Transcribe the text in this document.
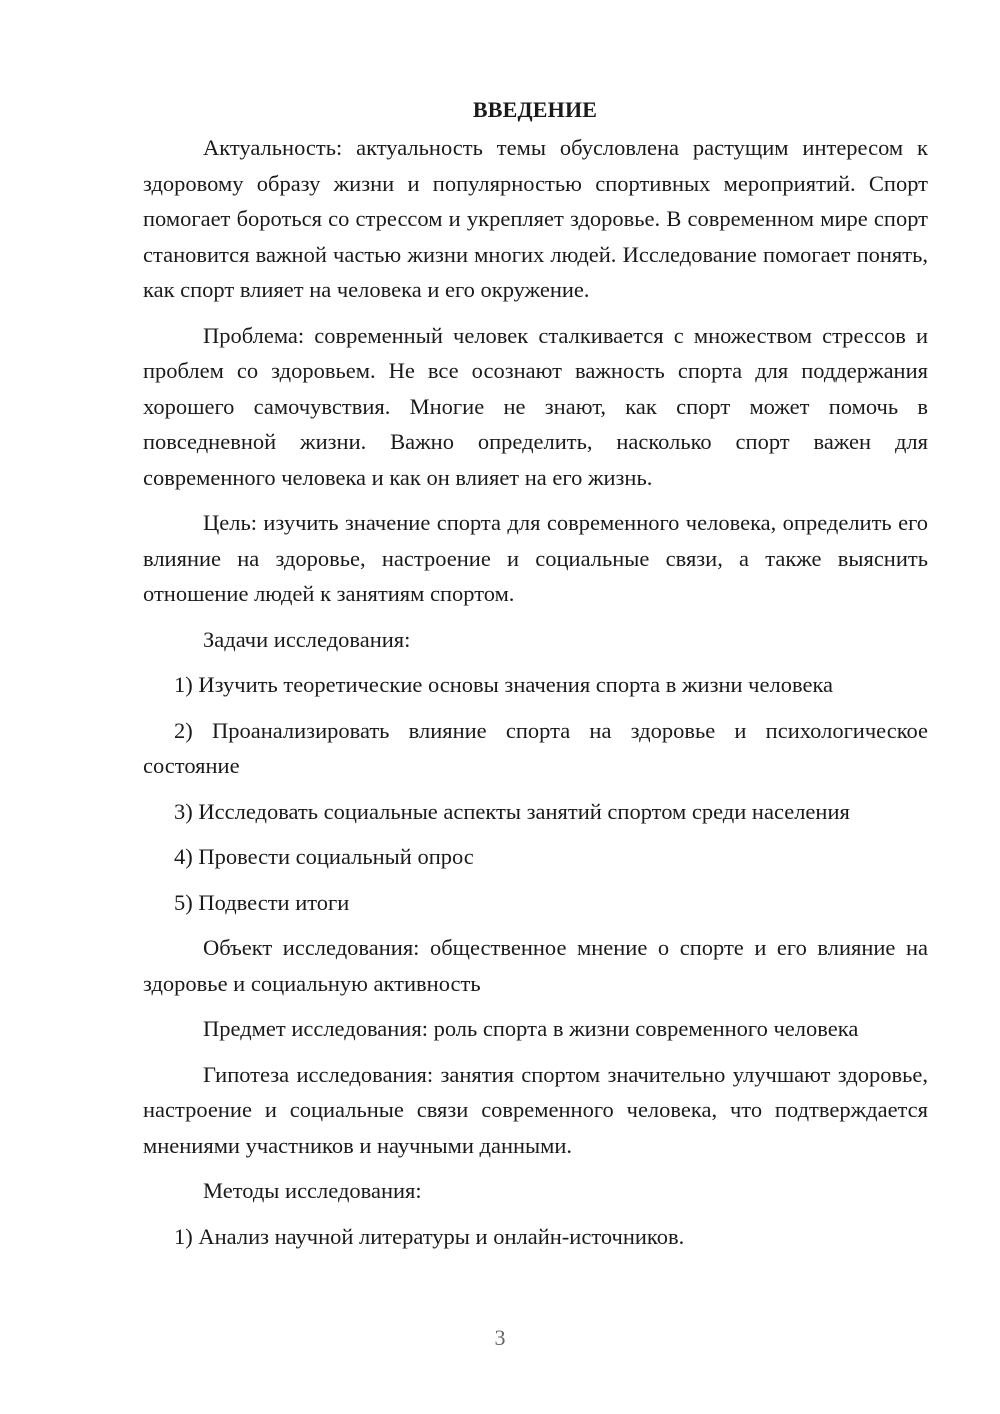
ВВЕДЕНИЕ

Актуальность: актуальность темы обусловлена растущим интересом к здоровому образу жизни и популярностью спортивных мероприятий. Спорт помогает бороться со стрессом и укрепляет здоровье. В современном мире спорт становится важной частью жизни многих людей. Исследование помогает понять, как спорт влияет на человека и его окружение.

Проблема: современный человек сталкивается с множеством стрессов и проблем со здоровьем. Не все осознают важность спорта для поддержания хорошего самочувствия. Многие не знают, как спорт может помочь в повседневной жизни. Важно определить, насколько спорт важен для современного человека и как он влияет на его жизнь.

Цель: изучить значение спорта для современного человека, определить его влияние на здоровье, настроение и социальные связи, а также выяснить отношение людей к занятиям спортом.

Задачи исследования:

1) Изучить теоретические основы значения спорта в жизни человека

2) Проанализировать влияние спорта на здоровье и психологическое состояние

3) Исследовать социальные аспекты занятий спортом среди населения

4) Провести социальный опрос

5) Подвести итоги

Объект исследования: общественное мнение о спорте и его влияние на здоровье и социальную активность

Предмет исследования: роль спорта в жизни современного человека

Гипотеза исследования: занятия спортом значительно улучшают здоровье, настроение и социальные связи современного человека, что подтверждается мнениями участников и научными данными.

Методы исследования:

1) Анализ научной литературы и онлайн-источников.

3
